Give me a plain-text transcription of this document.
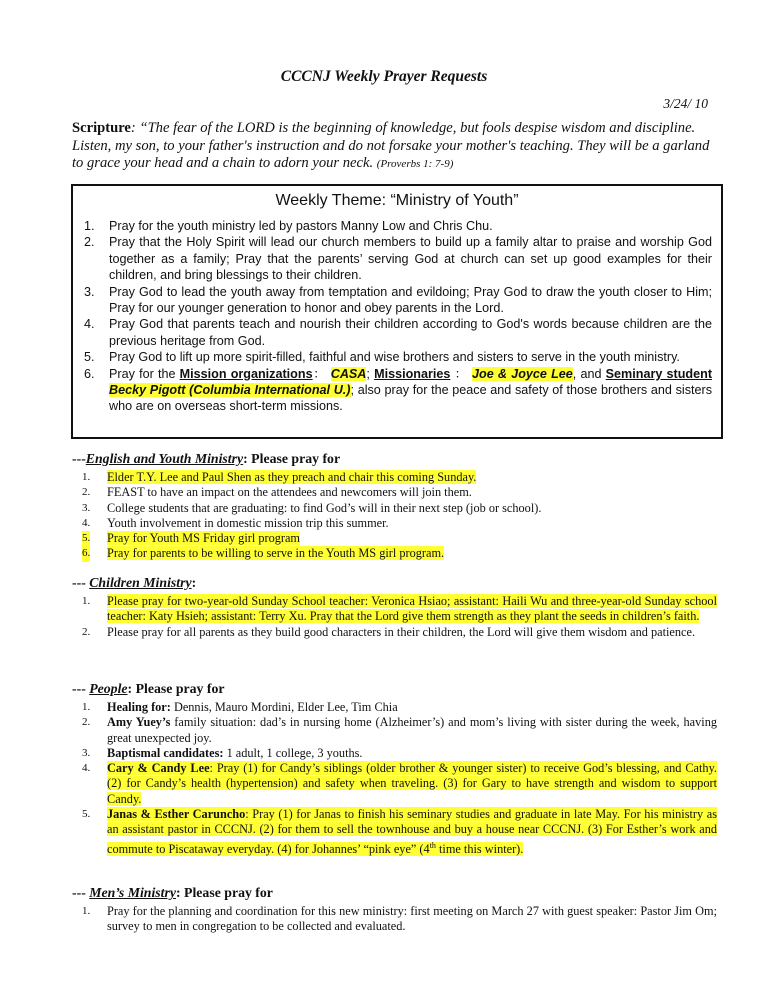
CCCNJ Weekly Prayer Requests
3/24/ 10
Scripture: “The fear of the LORD is the beginning of knowledge, but fools despise wisdom and discipline. Listen, my son, to your father's instruction and do not forsake your mother's teaching. They will be a garland to grace your head and a chain to adorn your neck. (Proverbs 1: 7-9)
Weekly Theme: “Ministry of Youth”
1. Pray for the youth ministry led by pastors Manny Low and Chris Chu.
2. Pray that the Holy Spirit will lead our church members to build up a family altar to praise and worship God together as a family; Pray that the parents’ serving God at church can set up good examples for their children, and bring blessings to their children.
3. Pray God to lead the youth away from temptation and evildoing; Pray God to draw the youth closer to Him; Pray for our younger generation to honor and obey parents in the Lord.
4. Pray God that parents teach and nourish their children according to God's words because children are the previous heritage from God.
5. Pray God to lift up more spirit-filled, faithful and wise brothers and sisters to serve in the youth ministry.
6. Pray for the Mission organizations： CASA; Missionaries ： Joe & Joyce Lee, and Seminary student Becky Pigott (Columbia International U.); also pray for the peace and safety of those brothers and sisters who are on overseas short-term missions.
---English and Youth Ministry: Please pray for
1. Elder T.Y. Lee and Paul Shen as they preach and chair this coming Sunday.
2. FEAST to have an impact on the attendees and newcomers will join them.
3. College students that are graduating: to find God’s will in their next step (job or school).
4. Youth involvement in domestic mission trip this summer.
5. Pray for Youth MS Friday girl program
6. Pray for parents to be willing to serve in the Youth MS girl program.
--- Children Ministry:
1. Please pray for two-year-old Sunday School teacher: Veronica Hsiao; assistant: Haili Wu and three-year-old Sunday school teacher: Katy Hsieh; assistant: Terry Xu. Pray that the Lord give them strength as they plant the seeds in children’s faith.
2. Please pray for all parents as they build good characters in their children, the Lord will give them wisdom and patience.
--- People: Please pray for
1. Healing for: Dennis, Mauro Mordini, Elder Lee, Tim Chia
2. Amy Yuey’s family situation: dad’s in nursing home (Alzheimer’s) and mom’s living with sister during the week, having great unexpected joy.
3. Baptismal candidates: 1 adult, 1 college, 3 youths.
4. Cary & Candy Lee: Pray (1) for Candy’s siblings (older brother & younger sister) to receive God’s blessing, and Cathy. (2) for Candy’s health (hypertension) and safety when traveling. (3) for Gary to have strength and wisdom to support Candy.
5. Janas & Esther Caruncho: Pray (1) for Janas to finish his seminary studies and graduate in late May. For his ministry as an assistant pastor in CCCNJ. (2) for them to sell the townhouse and buy a house near CCCNJ. (3) For Esther’s work and commute to Piscataway everyday. (4) for Johannes’ “pink eye” (4th time this winter).
--- Men’s Ministry: Please pray for
1. Pray for the planning and coordination for this new ministry: first meeting on March 27 with guest speaker: Pastor Jim Om; survey to men in congregation to be collected and evaluated.
